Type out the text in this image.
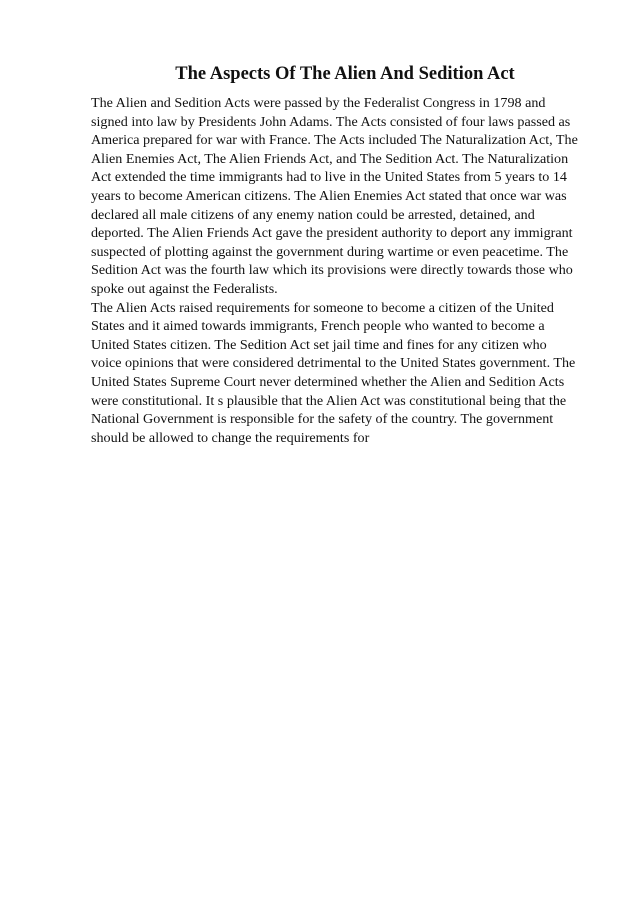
The Aspects Of The Alien And Sedition Act
The Alien and Sedition Acts were passed by the Federalist Congress in 1798 and
signed into law by Presidents John Adams. The Acts consisted of four laws passed as
America prepared for war with France. The Acts included The Naturalization Act, The
Alien Enemies Act, The Alien Friends Act, and The Sedition Act. The Naturalization
Act extended the time immigrants had to live in the United States from 5 years to 14
years to become American citizens. The Alien Enemies Act stated that once war was
declared all male citizens of any enemy nation could be arrested, detained, and
deported. The Alien Friends Act gave the president authority to deport any immigrant
suspected of plotting against the government during wartime or even peacetime. The
Sedition Act was the fourth law which its provisions were directly towards those who
spoke out against the Federalists.
The Alien Acts raised requirements for someone to become a citizen of the United
States and it aimed towards immigrants, French people who wanted to become a
United States citizen. The Sedition Act set jail time and fines for any citizen who
voice opinions that were considered detrimental to the United States government. The
United States Supreme Court never determined whether the Alien and Sedition Acts
were constitutional. It s plausible that the Alien Act was constitutional being that the
National Government is responsible for the safety of the country. The government
should be allowed to change the requirements for
